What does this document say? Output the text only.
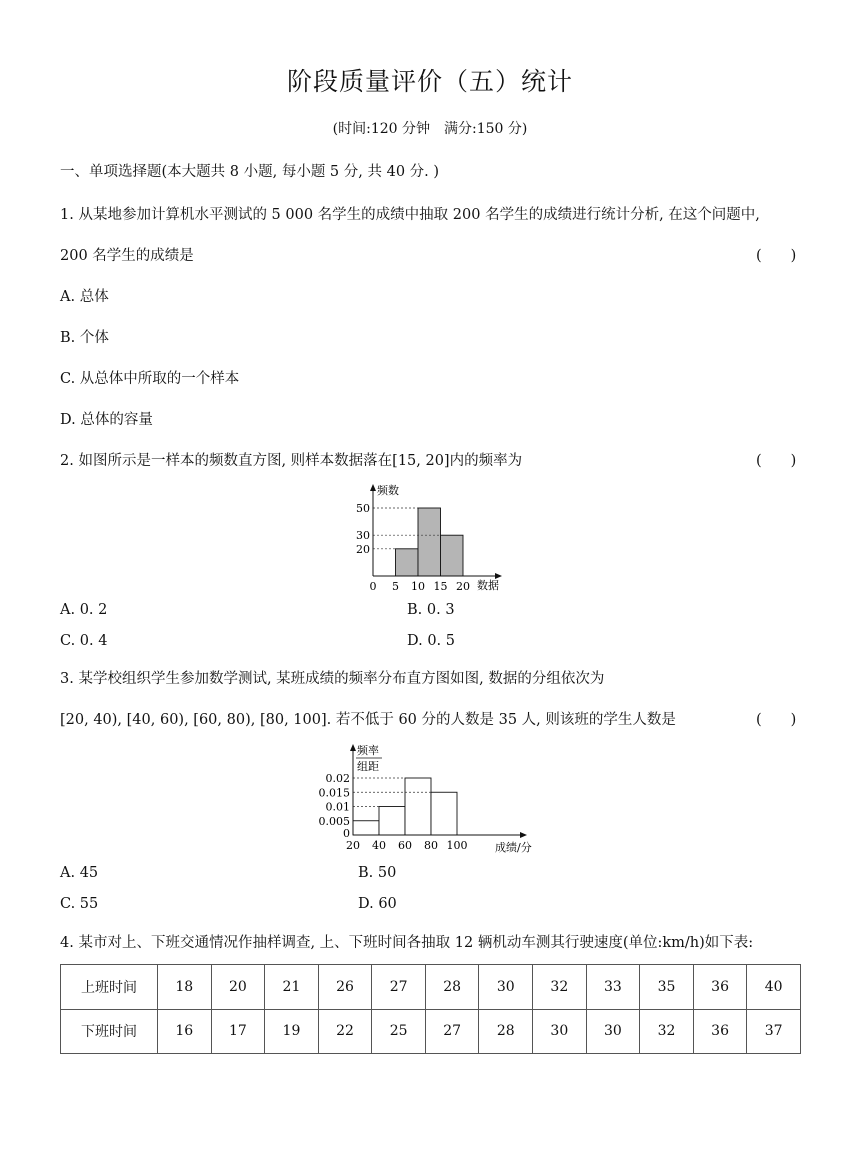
阶段质量评价（五）统计
(时间:120 分钟　满分:150 分)
一、单项选择题(本大题共 8 小题, 每小题 5 分, 共 40 分. )
1. 从某地参加计算机水平测试的 5 000 名学生的成绩中抽取 200 名学生的成绩进行统计分析, 在这个问题中,
200 名学生的成绩是	(　　)
A. 总体
B. 个体
C. 从总体中所取的一个样本
D. 总体的容量
2. 如图所示是一样本的频数直方图, 则样本数据落在[15, 20]内的频率为	(　　)
频数
数据
0 5 10 15 20
20
30
50
A. 0. 2	B. 0. 3
C. 0. 4	D. 0. 5
3. 某学校组织学生参加数学测试, 某班成绩的频率分布直方图如图, 数据的分组依次为
[20, 40), [40, 60), [60, 80), [80, 100]. 若不低于 60 分的人数是 35 人, 则该班的学生人数是	(　　)
频率
组距
0
成绩/分
20 40 60 80 100
0.005
0.01
0.015
0.02
A. 45	B. 50
C. 55	D. 60
4. 某市对上、下班交通情况作抽样调查, 上、下班时间各抽取 12 辆机动车测其行驶速度(单位:km/h)如下表:
上班时间	18	20	21	26	27	28	30	32	33	35	36	40
下班时间	16	17	19	22	25	27	28	30	30	32	36	37
